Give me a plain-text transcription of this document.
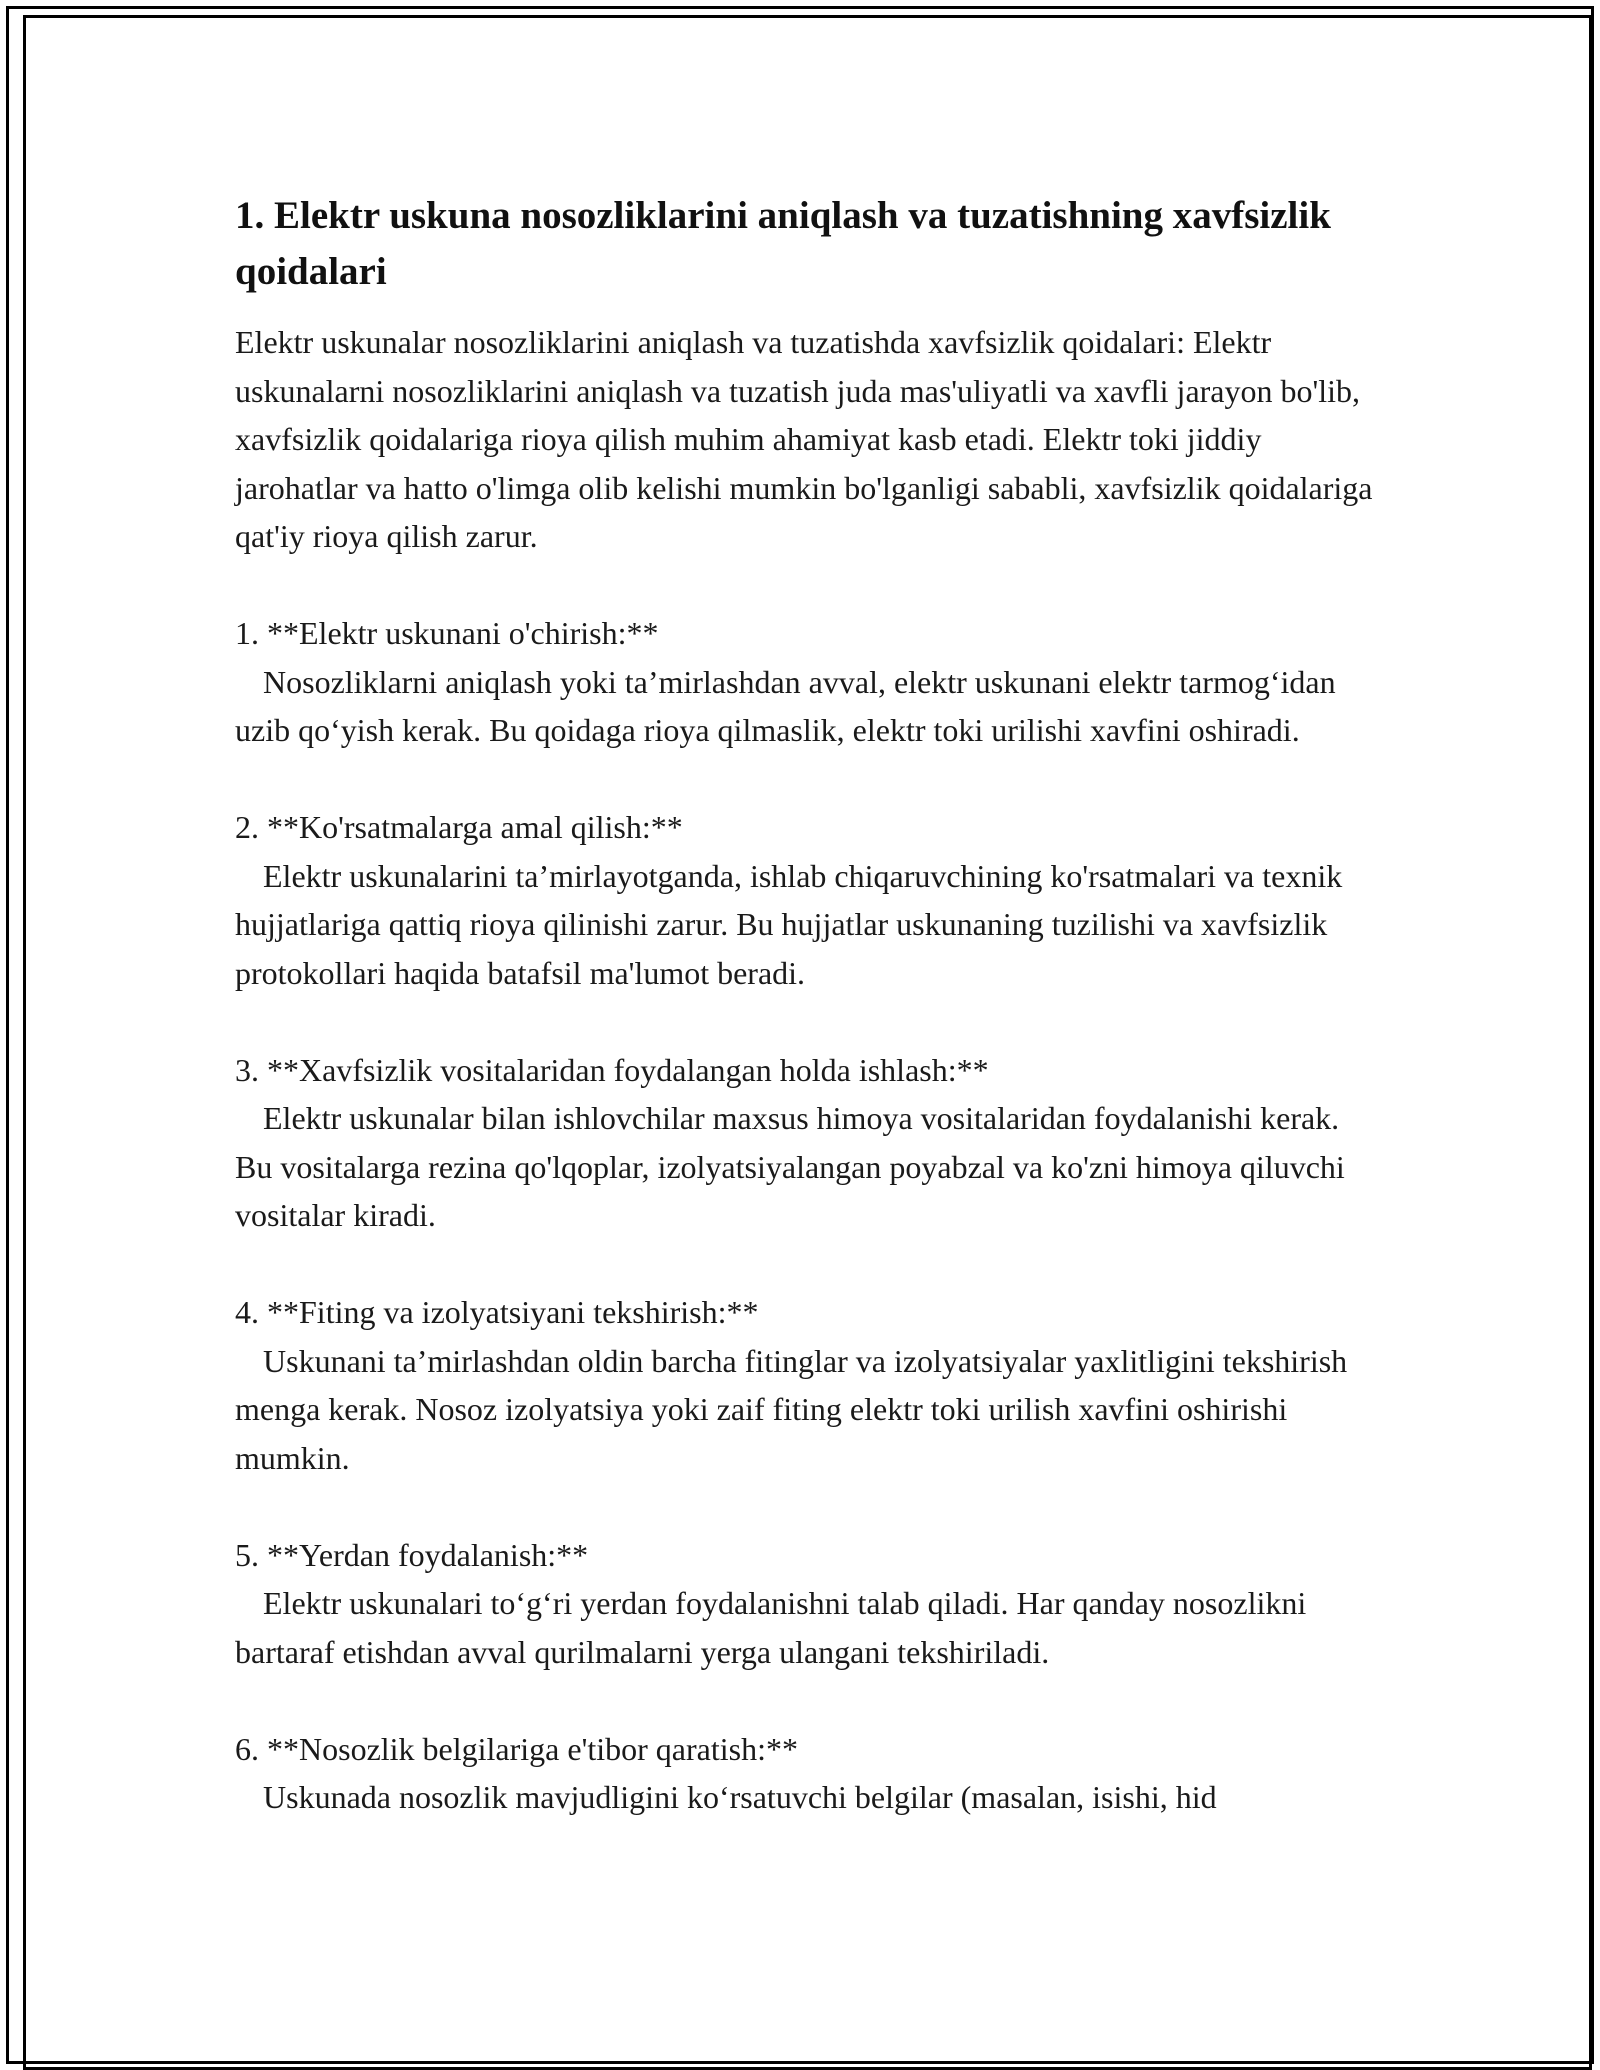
1. Elektr uskuna nosozliklarini aniqlash va tuzatishning xavfsizlik qoidalari

Elektr uskunalar nosozliklarini aniqlash va tuzatishda xavfsizlik qoidalari: Elektr uskunalarni nosozliklarini aniqlash va tuzatish juda mas'uliyatli va xavfli jarayon bo'lib, xavfsizlik qoidalariga rioya qilish muhim ahamiyat kasb etadi. Elektr toki jiddiy jarohatlar va hatto o'limga olib kelishi mumkin bo'lganligi sababli, xavfsizlik qoidalariga qat'iy rioya qilish zarur.

1. **Elektr uskunani o'chirish:**
Nosozliklarni aniqlash yoki ta’mirlashdan avval, elektr uskunani elektr tarmog‘idan uzib qo‘yish kerak. Bu qoidaga rioya qilmaslik, elektr toki urilishi xavfini oshiradi.
2. **Ko'rsatmalarga amal qilish:**
Elektr uskunalarini ta’mirlayotganda, ishlab chiqaruvchining ko'rsatmalari va texnik hujjatlariga qattiq rioya qilinishi zarur. Bu hujjatlar uskunaning tuzilishi va xavfsizlik protokollari haqida batafsil ma'lumot beradi.
3. **Xavfsizlik vositalaridan foydalangan holda ishlash:**
Elektr uskunalar bilan ishlovchilar maxsus himoya vositalaridan foydalanishi kerak. Bu vositalarga rezina qo'lqoplar, izolyatsiyalangan poyabzal va ko'zni himoya qiluvchi vositalar kiradi.
4. **Fiting va izolyatsiyani tekshirish:**
Uskunani ta’mirlashdan oldin barcha fitinglar va izolyatsiyalar yaxlitligini tekshirish menga kerak. Nosoz izolyatsiya yoki zaif fiting elektr toki urilish xavfini oshirishi mumkin.
5. **Yerdan foydalanish:**
Elektr uskunalari to‘g‘ri yerdan foydalanishni talab qiladi. Har qanday nosozlikni bartaraf etishdan avval qurilmalarni yerga ulangani tekshiriladi.
6. **Nosozlik belgilariga e'tibor qaratish:**
Uskunada nosozlik mavjudligini ko‘rsatuvchi belgilar (masalan, isishi, hid
